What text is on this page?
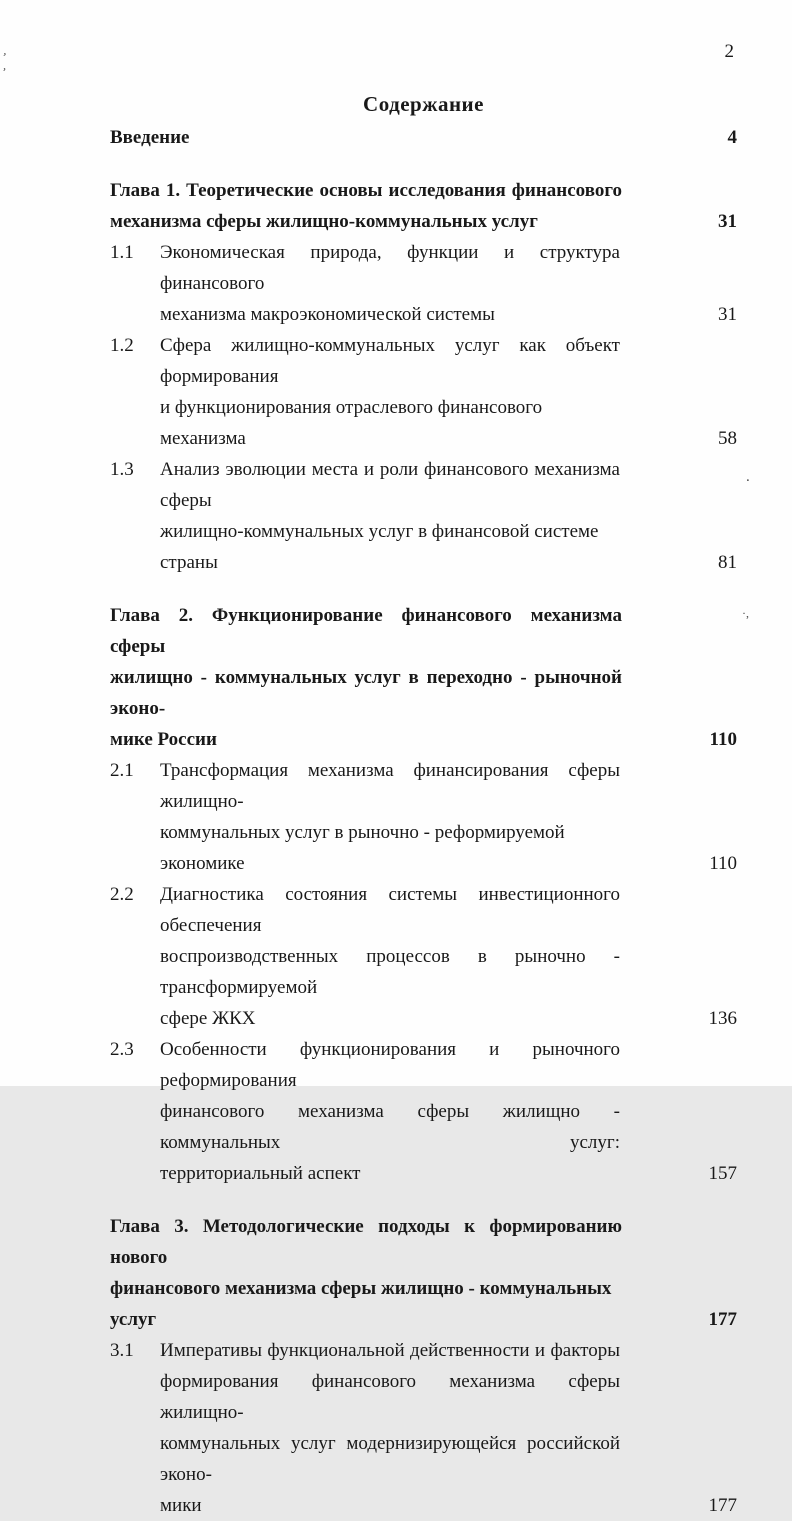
’
’
.
·,
2
Содержание
Введение	4
Глава 1. Теоретические основы исследования финансового
механизма сферы жилищно-коммунальных услуг	31
1.1	Экономическая природа, функции и структура финансового
механизма макроэкономической системы	31
1.2	Сфера жилищно-коммунальных услуг как объект формирования
и функционирования отраслевого финансового механизма	58
1.3	Анализ эволюции места и роли финансового механизма сферы
жилищно-коммунальных услуг в финансовой системе страны	81
Глава 2. Функционирование финансового механизма сферы
жилищно - коммунальных услуг в переходно - рыночной эконо-
мике России	110
2.1	Трансформация механизма финансирования сферы жилищно-
коммунальных услуг в рыночно - реформируемой экономике	110
2.2	Диагностика состояния системы инвестиционного обеспечения
воспроизводственных процессов в рыночно - трансформируемой
сфере ЖКХ	136
2.3	Особенности функционирования и рыночного реформирования
финансового механизма сферы жилищно - коммунальных услуг:
территориальный аспект	157
Глава 3. Методологические подходы к формированию нового
финансового механизма сферы жилищно - коммунальных услуг	177
3.1	Императивы функциональной действенности и факторы
формирования финансового механизма сферы жилищно-
коммунальных услуг модернизирующейся российской эконо-
мики	177
